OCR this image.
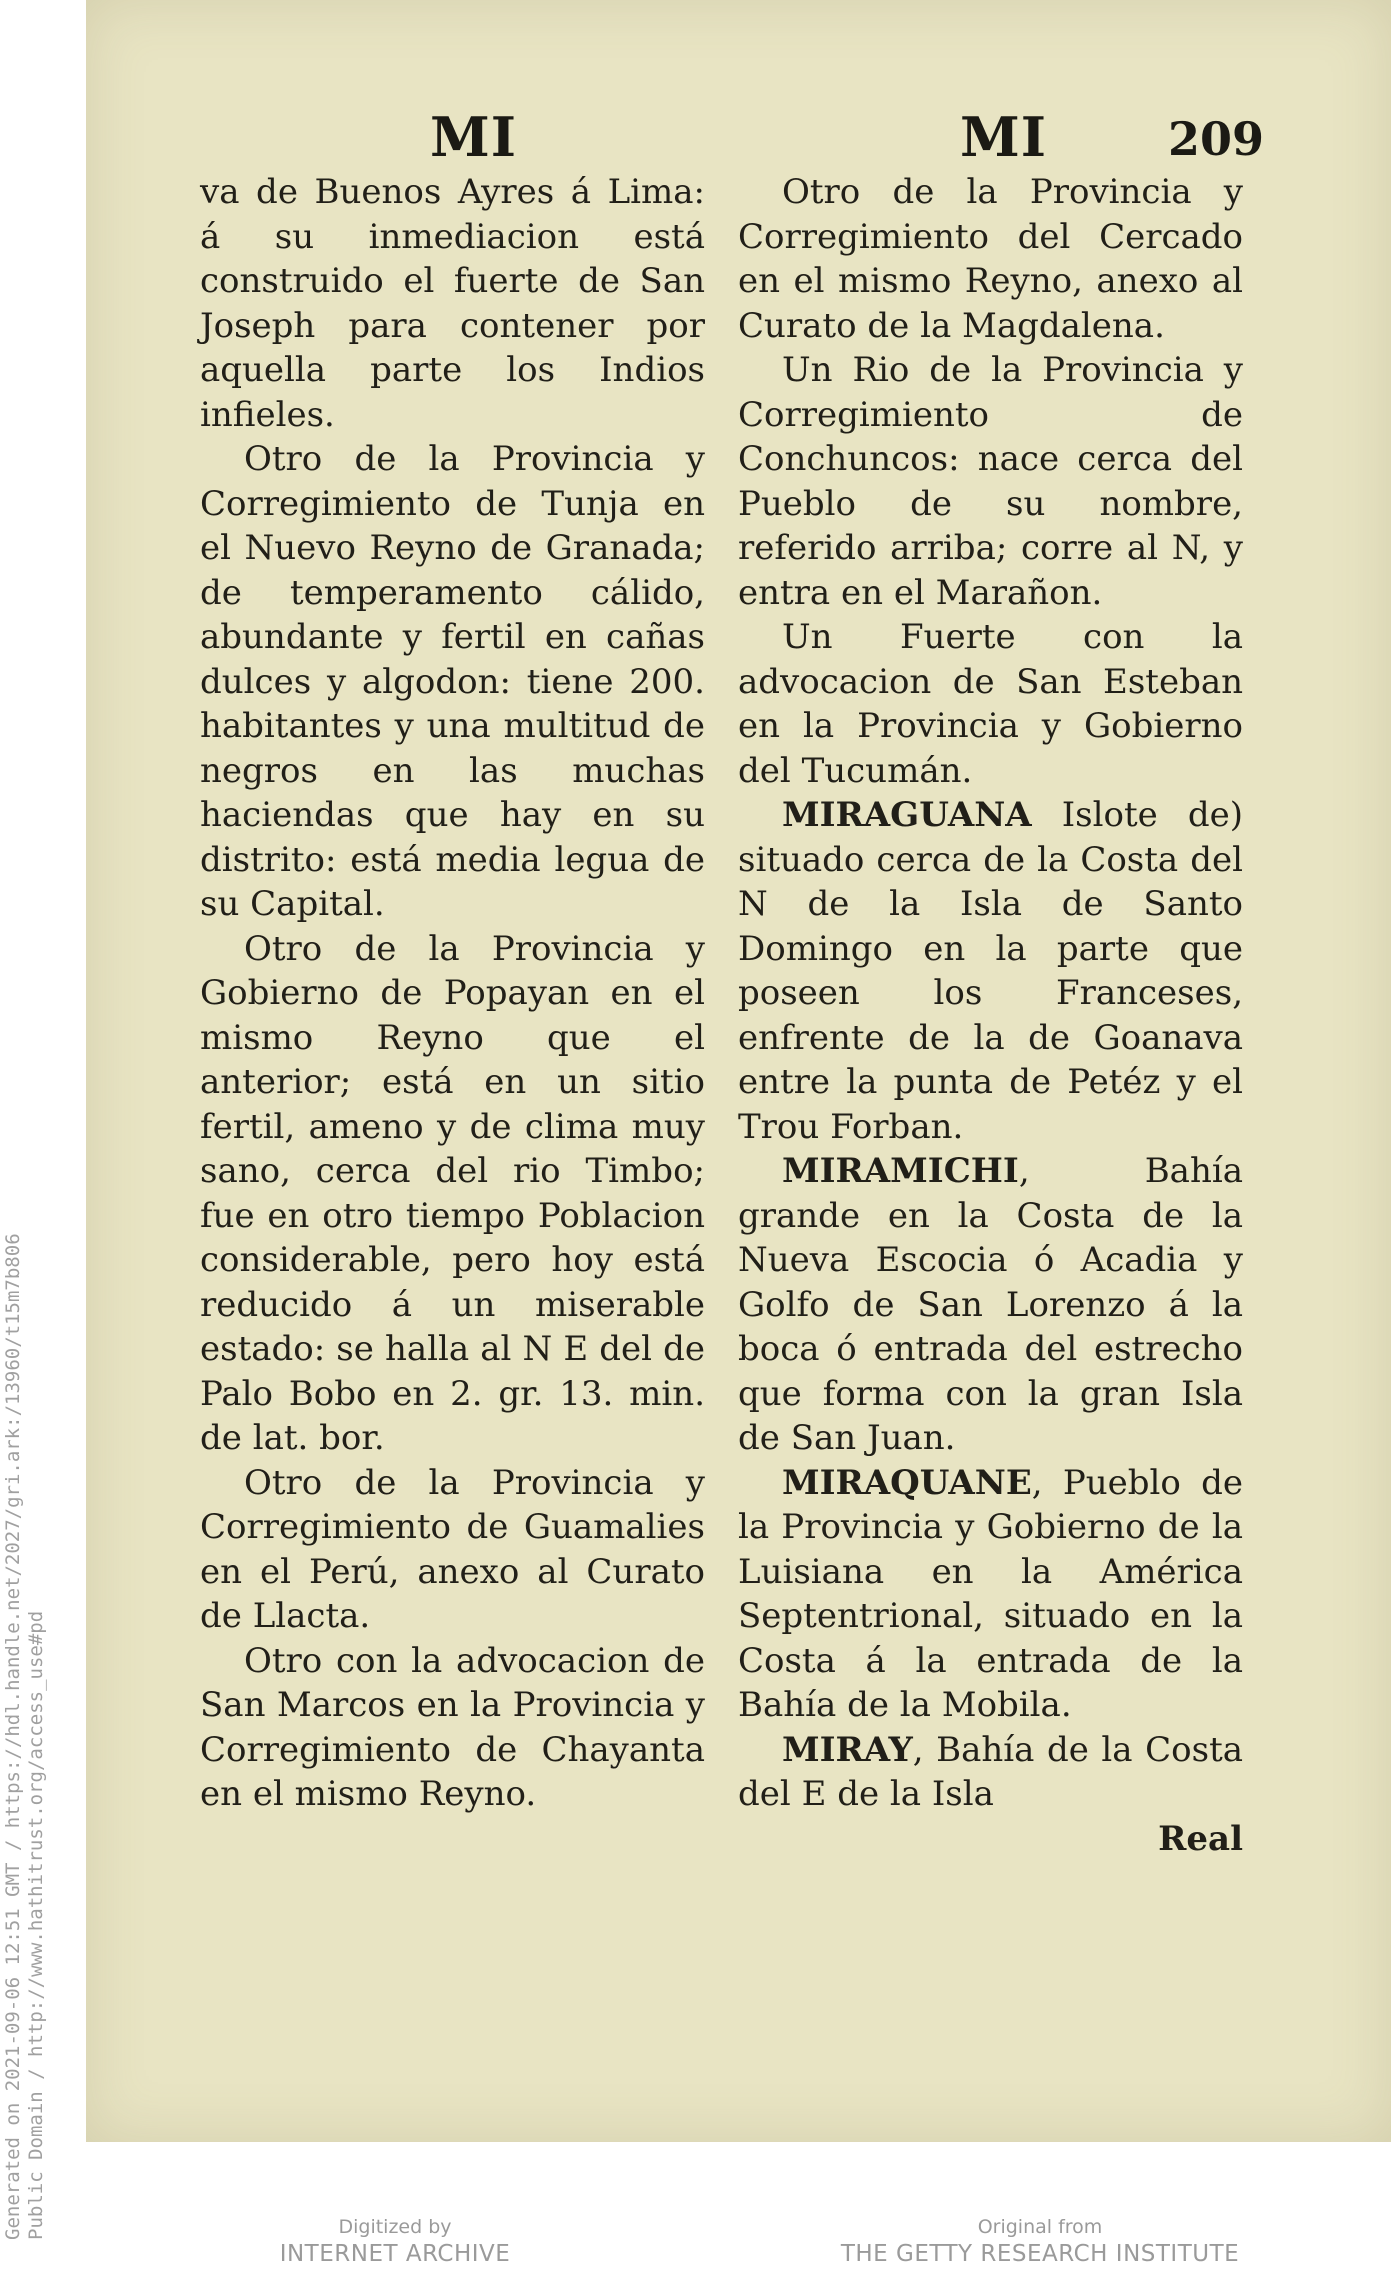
Generated on 2021-09-06 12:51 GMT / https://hdl.handle.net/2027/gri.ark:/13960/t15m7b806 Public Domain / http://www.hathitrust.org/access_use#pd
MI	MI	209

va de Buenos Ayres á Lima: á su inmediacion está construido el fuerte de San Joseph para contener por aquella parte los Indios infieles.

Otro de la Provincia y Corregimiento de Tunja en el Nuevo Reyno de Granada; de temperamento cálido, abundante y fertil en cañas dulces y algodon: tiene 200. habitantes y una multitud de negros en las muchas haciendas que hay en su distrito: está media legua de su Capital.

Otro de la Provincia y Gobierno de Popayan en el mismo Reyno que el anterior; está en un sitio fertil, ameno y de clima muy sano, cerca del rio Timbo; fue en otro tiempo Poblacion considerable, pero hoy está reducido á un miserable estado: se halla al N E del de Palo Bobo en 2. gr. 13. min. de lat. bor.

Otro de la Provincia y Corregimiento de Guamalies en el Perú, anexo al Curato de Llacta.

Otro con la advocacion de San Marcos en la Provincia y Corregimiento de Chayanta en el mismo Reyno.

Otro de la Provincia y Corregimiento del Cercado en el mismo Reyno, anexo al Curato de la Magdalena.

Un Rio de la Provincia y Corregimiento de Conchuncos: nace cerca del Pueblo de su nombre, referido arriba; corre al N, y entra en el Marañon.

Un Fuerte con la advocacion de San Esteban en la Provincia y Gobierno del Tucumán.

MIRAGUANA Islote de) situado cerca de la Costa del N de la Isla de Santo Domingo en la parte que poseen los Franceses, enfrente de la de Goanava entre la punta de Petéz y el Trou Forban.

MIRAMICHI, Bahía grande en la Costa de la Nueva Escocia ó Acadia y Golfo de San Lorenzo á la boca ó entrada del estrecho que forma con la gran Isla de San Juan.

MIRAQUANE, Pueblo de la Provincia y Gobierno de la Luisiana en la América Septentrional, situado en la Costa á la entrada de la Bahía de la Mobila.

MIRAY, Bahía de la Costa del E de la Isla

Real

Digitized by
INTERNET ARCHIVE
Original from
THE GETTY RESEARCH INSTITUTE
